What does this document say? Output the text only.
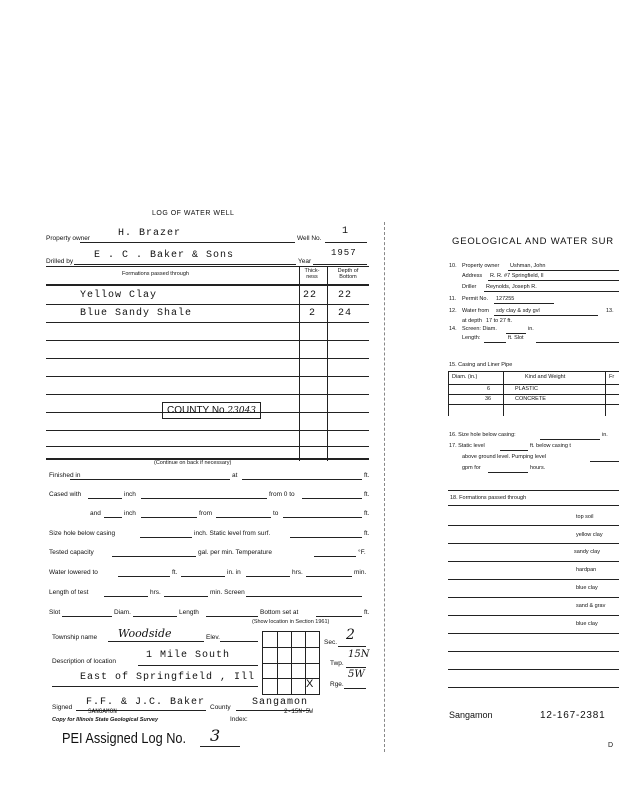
LOG OF WATER WELL
Property owner	H. Brazer	Well No.
1
Drilled by
E . C . Baker & Sons
Year
1957
Formations passed through	Thick-ness
Depth of Bottom
Yellow Clay	22 22
Blue Sandy Shale	2 24
COUNTY No.23043
(Continue on back if necessary)
Finished in	at	ft.
Cased with	inch	from 0 to	ft.
and	inch	from	to	ft.
Size hole below casing	inch. Static level from surf.	ft.
Tested capacity	gal. per min. Temperature	°F.
Water lowered to	ft.	in. in	hrs.	min.
Length of test	hrs.	min. Screen
Slot	Diam.	Length	Bottom set at	ft.
(Show location in Section 1961)
Township name Woodside	Elev.
X
Sec. 2
Twp.
15N
Rge.
5W
Description of location
1 Mile South
East of Springfield , Ill
Signed F.F. & J.C. Baker County Sangamon
SANGAMON	2-15N-5W
Copy for Illinois State Geological Survey	Index:
PEI Assigned Log No. 3
GEOLOGICAL AND WATER SUR
10. Property owner Ushman, John
Address R. R. #7 Springfield, Il
Driller Reynolds, Joseph R.
11. Permit No. 127255
12. Water from sdy clay & sdy gvl	13.
at depth 17 to 27 ft.
14. Screen: Diam.	in.
Length:	ft. Slot
15. Casing and Liner Pipe
Diam. (in.)	Kind and Weight	Fr
6	PLASTIC
36	CONCRETE
16. Size hole below casing:	in.
17. Static level	ft. below casing t
above ground level. Pumping level
gpm for	hours.
18. Formations passed through
top soil
yellow clay
sandy clay
hardpan
blue clay
sand & grav
blue clay
Sangamon	12-167-2381
D
